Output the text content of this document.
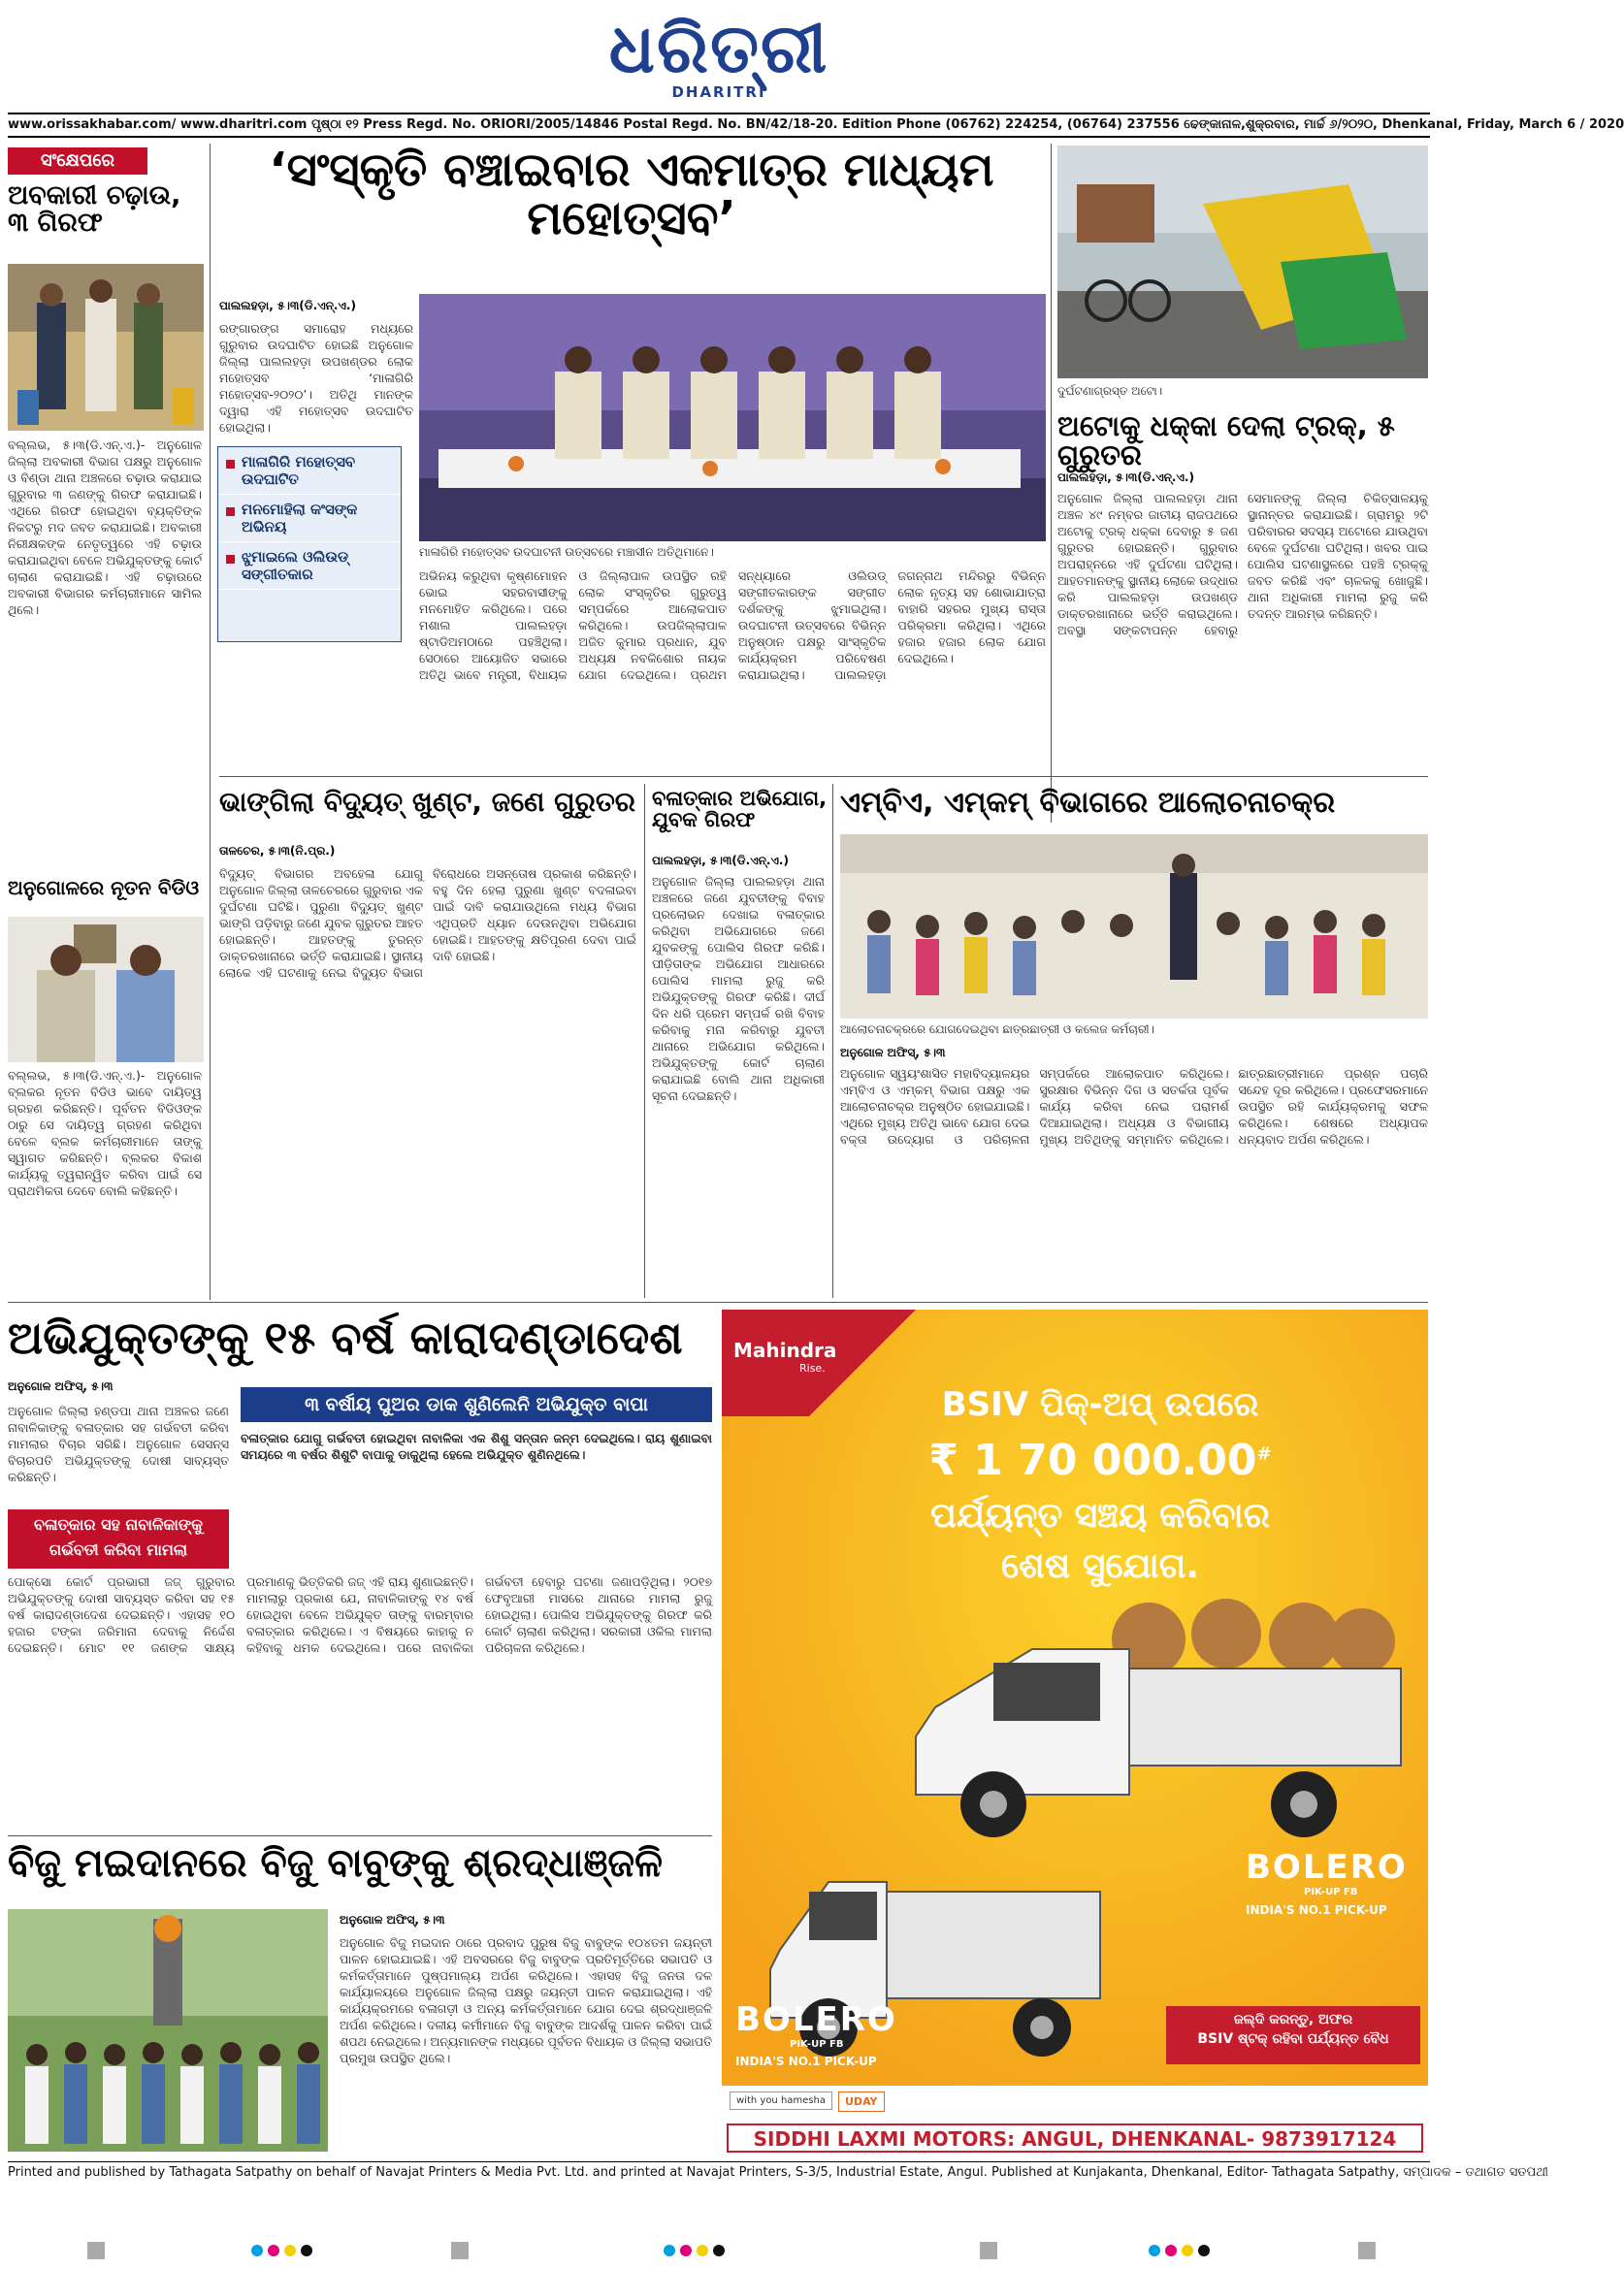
ଧରିତ୍ରୀ
DHARITRI
www.orissakhabar.com/ www.dharitri.com ପୃଷ୍ଠା ୧୨ Press Regd. No. ORIORI/2005/14846 Postal Regd. No. BN/42/18-20. Edition Phone (06762) 224254, (06764) 237556 ଢେଙ୍କାନାଳ,ଶୁକ୍ରବାର, ମାର୍ଚ୍ଚ ୬/୨୦୨୦, Dhenkanal, Friday, March 6 / 2020
ସଂକ୍ଷେପରେ
ଅବକାରୀ ଚଢ଼ାଉ, ୩ ଗିରଫ
ବଲ୍ଲଭ, ୫।୩(ଡି.ଏନ୍.ଏ.)- ଅନୁଗୋଳ ଜିଲ୍ଲା ଅବକାରୀ ବିଭାଗ ପକ୍ଷରୁ ଅନୁଗୋଳ ଓ ବିଣ୍ଡା ଥାନା ଅଞ୍ଚଳରେ ଚଢ଼ାଉ କରାଯାଇ ଗୁରୁବାର ୩ ଜଣଙ୍କୁ ଗିରଫ କରାଯାଇଛି। ଏଥିରେ ଗିରଫ ହୋଇଥିବା ବ୍ୟକ୍ତିଙ୍କ ନିକଟରୁ ମଦ ଜବତ କରାଯାଇଛି। ଅବକାରୀ ନିରୀକ୍ଷକଙ୍କ ନେତୃତ୍ୱରେ ଏହି ଚଢ଼ାଉ କରାଯାଇଥିବା ବେଳେ ଅଭିଯୁକ୍ତଙ୍କୁ କୋର୍ଟ ଚାଲାଣ କରାଯାଇଛି। ଏହି ଚଢ଼ାଉରେ ଅବକାରୀ ବିଭାଗର କର୍ମଚାରୀମାନେ ସାମିଲ ଥିଲେ।
ଅନୁଗୋଳରେ ନୂତନ ବିଡିଓ
ବଲ୍ଲଭ, ୫।୩(ଡି.ଏନ୍.ଏ.)- ଅନୁଗୋଳ ବ୍ଲକର ନୂତନ ବିଡିଓ ଭାବେ ଦାୟିତ୍ୱ ଗ୍ରହଣ କରିଛନ୍ତି। ପୂର୍ବତନ ବିଡିଓଙ୍କ ଠାରୁ ସେ ଦାୟିତ୍ୱ ଗ୍ରହଣ କରିଥିବା ବେଳେ ବ୍ଲକ କର୍ମଚାରୀମାନେ ତାଙ୍କୁ ସ୍ୱାଗତ କରିଛନ୍ତି। ବ୍ଲକର ବିକାଶ କାର୍ଯ୍ୟକୁ ତ୍ୱରାନ୍ୱିତ କରିବା ପାଇଁ ସେ ପ୍ରାଥମିକତା ଦେବେ ବୋଲି କହିଛନ୍ତି।
‘ସଂସ୍କୃତି ବଞ୍ଚାଇବାର ଏକମାତ୍ର ମାଧ୍ୟମ ମହୋତ୍ସବ’
ପାଲଲହଡ଼ା, ୫।୩(ଡି.ଏନ୍.ଏ.)
ରଙ୍ଗାରଙ୍ଗ ସମାରୋହ ମଧ୍ୟରେ ଗୁରୁବାର ଉଦଘାଟିତ ହୋଇଛି ଅନୁଗୋଳ ଜିଲ୍ଲା ପାଲଲହଡ଼ା ଉପଖଣ୍ଡର ଲୋକ ମହୋତ୍ସବ ‘ମାଳାଗିରି ମହୋତ୍ସବ-୨୦୨୦’। ଅତିଥି ମାନଙ୍କ ଦ୍ୱାରା ଏହି ମହୋତ୍ସବ ଉଦଘାଟିତ ହୋଇଥିଲା।
ମାଳାଗିରି ମହୋତ୍ସବ ଉଦଘାଟିତ
ମନମୋହିଲା କଂସଙ୍କ ଅଭିନୟ
ଝୁମାଇଲେ ଓଲିଉଡ୍‌ ସଙ୍ଗୀତକାର
ମାଳାଗିରି ମହୋତ୍ସବ ଉଦଘାଟନୀ ଉତ୍ସବରେ ମଞ୍ଚାସୀନ ଅତିଥିମାନେ।
ଅଭିନୟ କରୁଥିବା କୃଷ୍ଣମୋହନ ଭୋଇ ସହରବାସୀଙ୍କୁ ମନମୋହିତ କରିଥିଲେ। ପରେ ମଶାଲ ପାଲଲହଡ଼ା ଷ୍ଟାଡିଅମଠାରେ ପହଞ୍ଚିଥିଲା। ସେଠାରେ ଆୟୋଜିତ ସଭାରେ ଅତିଥି ଭାବେ ମନ୍ତ୍ରୀ, ବିଧାୟକ ଓ ଜିଲ୍ଲାପାଳ ଉପସ୍ଥିତ ରହି ଲୋକ ସଂସ୍କୃତିର ଗୁରୁତ୍ୱ ସମ୍ପର୍କରେ ଆଲୋକପାତ କରିଥିଲେ। ଉପଜିଲ୍ଲାପାଳ ଅଜିତ କୁମାର ପ୍ରଧାନ, ଯୁବ ଅଧ୍ୟକ୍ଷ ନବକିଶୋର ନାୟକ ଯୋଗ ଦେଇଥିଲେ। ପ୍ରଥମ ସନ୍ଧ୍ୟାରେ ଓଲିଉଡ୍ ସଙ୍ଗୀତକାରଙ୍କ ସଙ୍ଗୀତ ଦର୍ଶକଙ୍କୁ ଝୁମାଇଥିଲା। ଉଦଘାଟନୀ ଉତ୍ସବରେ ବିଭିନ୍ନ ଅନୁଷ୍ଠାନ ପକ୍ଷରୁ ସାଂସ୍କୃତିକ କାର୍ଯ୍ୟକ୍ରମ ପରିବେଷଣ କରାଯାଇଥିଲା। ପାଲଲହଡ଼ା ଜଗନ୍ନାଥ ମନ୍ଦିରରୁ ବିଭିନ୍ନ ଲୋକ ନୃତ୍ୟ ସହ ଶୋଭାଯାତ୍ରା ବାହାରି ସହରର ମୁଖ୍ୟ ରାସ୍ତା ପରିକ୍ରମା କରିଥିଲା। ଏଥିରେ ହଜାର ହଜାର ଲୋକ ଯୋଗ ଦେଇଥିଲେ।
ଦୁର୍ଘଟଣାଗ୍ରସ୍ତ ଅଟୋ।
ଅଟୋକୁ ଧକ୍କା ଦେଲା ଟ୍ରକ୍, ୫ ଗୁରୁତର
ପାଲଲହଡ଼ା, ୫।୩(ଡି.ଏନ୍.ଏ.)
ଅନୁଗୋଳ ଜିଲ୍ଲା ପାଲଲହଡ଼ା ଥାନା ଅଞ୍ଚଳ ୪୯ ନମ୍ବର ଜାତୀୟ ରାଜପଥରେ ଅଟୋକୁ ଟ୍ରକ୍ ଧକ୍କା ଦେବାରୁ ୫ ଜଣ ଗୁରୁତର ହୋଇଛନ୍ତି। ଗୁରୁବାର ଅପରାହ୍ନରେ ଏହି ଦୁର୍ଘଟଣା ଘଟିଥିଲା। ଆହତମାନଙ୍କୁ ସ୍ଥାନୀୟ ଲୋକେ ଉଦ୍ଧାର କରି ପାଲଲହଡ଼ା ଉପଖଣ୍ଡ ଡାକ୍ତରଖାନାରେ ଭର୍ତ୍ତି କରାଇଥିଲେ। ଅବସ୍ଥା ସଙ୍କଟାପନ୍ନ ହେବାରୁ ସେମାନଙ୍କୁ ଜିଲ୍ଲା ଚିକିତ୍ସାଳୟକୁ ସ୍ଥାନାନ୍ତର କରାଯାଇଛି। ଗ୍ରାମରୁ ୨ଟି ପରିବାରର ସଦସ୍ୟ ଅଟୋରେ ଯାଉଥିବା ବେଳେ ଦୁର୍ଘଟଣା ଘଟିଥିଲା। ଖବର ପାଇ ପୋଲିସ ଘଟଣାସ୍ଥଳରେ ପହଞ୍ଚି ଟ୍ରକ୍‌କୁ ଜବତ କରିଛି ଏବଂ ଚାଳକକୁ ଖୋଜୁଛି। ଥାନା ଅଧିକାରୀ ମାମଲା ରୁଜୁ କରି ତଦନ୍ତ ଆରମ୍ଭ କରିଛନ୍ତି।
ଭାଙ୍ଗିଲା ବିଦ୍ୟୁତ୍ ଖୁଣ୍ଟ, ଜଣେ ଗୁରୁତର
ତାଳଚେର, ୫।୩(ନି.ପ୍ର.)
ବିଦ୍ୟୁତ୍ ବିଭାଗର ଅବହେଳା ଯୋଗୁ ଅନୁଗୋଳ ଜିଲ୍ଲା ତାଳଚେରରେ ଗୁରୁବାର ଏକ ଦୁର୍ଘଟଣା ଘଟିଛି। ପୁରୁଣା ବିଦ୍ୟୁତ୍ ଖୁଣ୍ଟ ଭାଙ୍ଗି ପଡ଼ିବାରୁ ଜଣେ ଯୁବକ ଗୁରୁତର ଆହତ ହୋଇଛନ୍ତି। ଆହତଙ୍କୁ ତୁରନ୍ତ ଡାକ୍ତରଖାନାରେ ଭର୍ତ୍ତି କରାଯାଇଛି। ସ୍ଥାନୀୟ ଲୋକେ ଏହି ଘଟଣାକୁ ନେଇ ବିଦ୍ୟୁତ ବିଭାଗ ବିରୋଧରେ ଅସନ୍ତୋଷ ପ୍ରକାଶ କରିଛନ୍ତି। ବହୁ ଦିନ ହେଲା ପୁରୁଣା ଖୁଣ୍ଟ ବଦଳାଇବା ପାଇଁ ଦାବି କରାଯାଉଥିଲେ ମଧ୍ୟ ବିଭାଗ ଏଥିପ୍ରତି ଧ୍ୟାନ ଦେଉନଥିବା ଅଭିଯୋଗ ହୋଇଛି। ଆହତଙ୍କୁ କ୍ଷତିପୂରଣ ଦେବା ପାଇଁ ଦାବି ହୋଇଛି।
ବଳାତ୍କାର ଅଭିଯୋଗ, ଯୁବକ ଗିରଫ
ପାଲଲହଡ଼ା, ୫।୩(ଡି.ଏନ୍.ଏ.)
ଅନୁଗୋଳ ଜିଲ୍ଲା ପାଲଲହଡ଼ା ଥାନା ଅଞ୍ଚଳରେ ଜଣେ ଯୁବତୀଙ୍କୁ ବିବାହ ପ୍ରଲୋଭନ ଦେଖାଇ ବଳାତ୍କାର କରିଥିବା ଅଭିଯୋଗରେ ଜଣେ ଯୁବକଙ୍କୁ ପୋଲିସ ଗିରଫ କରିଛି। ପୀଡ଼ିତାଙ୍କ ଅଭିଯୋଗ ଆଧାରରେ ପୋଲିସ ମାମଲା ରୁଜୁ କରି ଅଭିଯୁକ୍ତଙ୍କୁ ଗିରଫ କରିଛି। ଦୀର୍ଘ ଦିନ ଧରି ପ୍ରେମ ସମ୍ପର୍କ ରଖି ବିବାହ କରିବାକୁ ମନା କରିବାରୁ ଯୁବତୀ ଥାନାରେ ଅଭିଯୋଗ କରିଥିଲେ। ଅଭିଯୁକ୍ତଙ୍କୁ କୋର୍ଟ ଚାଲାଣ କରାଯାଇଛି ବୋଲି ଥାନା ଅଧିକାରୀ ସୂଚନା ଦେଇଛନ୍ତି।
ଏମ୍‌ବିଏ, ଏମ୍‌କମ୍ ବିଭାଗରେ ଆଲୋଚନାଚକ୍ର
ଆଲୋଚନାଚକ୍ରରେ ଯୋଗଦେଇଥିବା ଛାତ୍ରଛାତ୍ରୀ ଓ କଲେଜ କର୍ମଚାରୀ।
ଅନୁଗୋଳ ଅଫିସ୍, ୫।୩
ଅନୁଗୋଳ ସ୍ୱୟଂଶାସିତ ମହାବିଦ୍ୟାଳୟର ଏମ୍‌ବିଏ ଓ ଏମ୍‌କମ୍ ବିଭାଗ ପକ୍ଷରୁ ଏକ ଆଲୋଚନାଚକ୍ର ଅନୁଷ୍ଠିତ ହୋଇଯାଇଛି। ଏଥିରେ ମୁଖ୍ୟ ଅତିଥି ଭାବେ ଯୋଗ ଦେଇ ବକ୍ତା ଉଦ୍ୟୋଗ ଓ ପରିଚାଳନା ସମ୍ପର୍କରେ ଆଲୋକପାତ କରିଥିଲେ। ସୁରକ୍ଷାର ବିଭିନ୍ନ ଦିଗ ଓ ସତର୍କତା ପୂର୍ବକ କାର୍ଯ୍ୟ କରିବା ନେଇ ପରାମର୍ଶ ଦିଆଯାଇଥିଲା। ଅଧ୍ୟକ୍ଷ ଓ ବିଭାଗୀୟ ମୁଖ୍ୟ ଅତିଥିଙ୍କୁ ସମ୍ମାନିତ କରିଥିଲେ। ଛାତ୍ରଛାତ୍ରୀମାନେ ପ୍ରଶ୍ନ ପଚାରି ସନ୍ଦେହ ଦୂର କରିଥିଲେ। ପ୍ରଫେସରମାନେ ଉପସ୍ଥିତ ରହି କାର୍ଯ୍ୟକ୍ରମକୁ ସଫଳ କରିଥିଲେ। ଶେଷରେ ଅଧ୍ୟାପକ ଧନ୍ୟବାଦ ଅର୍ପଣ କରିଥିଲେ।
ଅଭିଯୁକ୍ତଙ୍କୁ ୧୫ ବର୍ଷ କାରାଦଣ୍ଡାଦେଶ
ଅନୁଗୋଳ ଅଫିସ୍, ୫।୩
ଅନୁଗୋଳ ଜିଲ୍ଲା ହଣ୍ଡପା ଥାନା ଅଞ୍ଚଳର ଜଣେ ନାବାଳିକାଙ୍କୁ ବଳାତ୍କାର ସହ ଗର୍ଭବତୀ କରିବା ମାମଲାର ବିଚାର ସରିଛି। ଅନୁଗୋଳ ସେସନ୍ସ ବିଚାରପତି ଅଭିଯୁକ୍ତଙ୍କୁ ଦୋଷୀ ସାବ୍ୟସ୍ତ କରିଛନ୍ତି।
ବଳାତ୍କାର ସହ ନାବାଳିକାଙ୍କୁ ଗର୍ଭବତୀ କରିବା ମାମଲା
୩ ବର୍ଷୀୟ ପୁଅର ଡାକ ଶୁଣିଲେନି ଅଭିଯୁକ୍ତ ବାପା
ବଳାତ୍କାର ଯୋଗୁ ଗର୍ଭବତୀ ହୋଇଥିବା ନାବାଳିକା ଏକ ଶିଶୁ ସନ୍ତାନ ଜନ୍ମ ଦେଇଥିଲେ। ରାୟ ଶୁଣାଇବା ସମୟରେ ୩ ବର୍ଷର ଶିଶୁଟି ବାପାକୁ ଡାକୁଥିଲା ହେଲେ ଅଭିଯୁକ୍ତ ଶୁଣିନଥିଲେ।
ପୋକ୍ସୋ କୋର୍ଟ ପ୍ରଭାରୀ ଜଜ୍ ଗୁରୁବାର ଅଭିଯୁକ୍ତଙ୍କୁ ଦୋଷୀ ସାବ୍ୟସ୍ତ କରିବା ସହ ୧୫ ବର୍ଷ କାରାଦଣ୍ଡାଦେଶ ଦେଇଛନ୍ତି। ଏହାସହ ୧୦ ହଜାର ଟଙ୍କା ଜରିମାନା ଦେବାକୁ ନିର୍ଦ୍ଦେଶ ଦେଇଛନ୍ତି। ମୋଟ ୧୧ ଜଣଙ୍କ ସାକ୍ଷ୍ୟ ପ୍ରମାଣକୁ ଭିତ୍ତିକରି ଜଜ୍ ଏହି ରାୟ ଶୁଣାଇଛନ୍ତି। ମାମଲାରୁ ପ୍ରକାଶ ଯେ, ନାବାଳିକାଙ୍କୁ ୧୪ ବର୍ଷ ହୋଇଥିବା ବେଳେ ଅଭିଯୁକ୍ତ ତାଙ୍କୁ ବାରମ୍ବାର ବଳାତ୍କାର କରିଥିଲେ। ଏ ବିଷୟରେ କାହାକୁ ନ କହିବାକୁ ଧମକ ଦେଇଥିଲେ। ପରେ ନାବାଳିକା ଗର୍ଭବତୀ ହେବାରୁ ଘଟଣା ଜଣାପଡ଼ିଥିଲା। ୨୦୧୭ ଫେବୃଆରୀ ମାସରେ ଥାନାରେ ମାମଲା ରୁଜୁ ହୋଇଥିଲା। ପୋଲିସ ଅଭିଯୁକ୍ତଙ୍କୁ ଗିରଫ କରି କୋର୍ଟ ଚାଲାଣ କରିଥିଲା। ସରକାରୀ ଓକିଲ ମାମଲା ପରିଚାଳନା କରିଥିଲେ।
ବିଜୁ ମଇଦାନରେ ବିଜୁ ବାବୁଙ୍କୁ ଶ୍ରଦ୍ଧାଞ୍ଜଳି
ଅନୁଗୋଳ ଅଫିସ୍, ୫।୩
ଅନୁଗୋଳ ବିଜୁ ମଇଦାନ ଠାରେ ପ୍ରବାଦ ପୁରୁଷ ବିଜୁ ବାବୁଙ୍କ ୧୦୪ତମ ଜୟନ୍ତୀ ପାଳନ ହୋଇଯାଇଛି। ଏହି ଅବସରରେ ବିଜୁ ବାବୁଙ୍କ ପ୍ରତିମୂର୍ତ୍ତିରେ ସଭାପତି ଓ କର୍ମକର୍ତ୍ତାମାନେ ପୁଷ୍ପମାଲ୍ୟ ଅର୍ପଣ କରିଥିଲେ। ଏହାସହ ବିଜୁ ଜନତା ଦଳ କାର୍ଯ୍ୟାଳୟରେ ଅନୁଗୋଳ ଜିଲ୍ଲା ପକ୍ଷରୁ ଜୟନ୍ତୀ ପାଳନ କରାଯାଇଥିଲା। ଏହି କାର୍ଯ୍ୟକ୍ରମରେ ବଳାଗଡ଼ୀ ଓ ଅନ୍ୟ କର୍ମକର୍ତ୍ତାମାନେ ଯୋଗ ଦେଇ ଶ୍ରଦ୍ଧାଞ୍ଜଳି ଅର୍ପଣ କରିଥିଲେ। ଦଳୀୟ କର୍ମୀମାନେ ବିଜୁ ବାବୁଙ୍କ ଆଦର୍ଶକୁ ପାଳନ କରିବା ପାଇଁ ଶପଥ ନେଇଥିଲେ। ଅନ୍ୟମାନଙ୍କ ମଧ୍ୟରେ ପୂର୍ବତନ ବିଧାୟକ ଓ ଜିଲ୍ଲା ସଭାପତି ପ୍ରମୁଖ ଉପସ୍ଥିତ ଥିଲେ।
Mahindra
Rise.
BSIV ପିକ୍-ଅପ୍ ଉପରେ
₹ 1 70 000.00#
ପର୍ଯ୍ୟନ୍ତ ସଞ୍ଚୟ କରିବାର
ଶେଷ ସୁଯୋଗ.
BOLERO
PIK-UP FB
INDIA'S NO.1 PICK-UP
BOLERO
PIK-UP FB
INDIA'S NO.1 PICK-UP
ଜଲ୍‌ଦି କରନ୍ତୁ, ଅଫର
BSIV ଷ୍ଟକ୍ ରହିବା ପର୍ଯ୍ୟନ୍ତ ବୈଧ
with you hamesha	UDAY
SIDDHI LAXMI MOTORS: ANGUL, DHENKANAL- 9873917124
Printed and published by Tathagata Satpathy on behalf of Navajat Printers & Media Pvt. Ltd. and printed at Navajat Printers, S-3/5, Industrial Estate, Angul. Published at Kunjakanta, Dhenkanal, Editor- Tathagata Satpathy, ସମ୍ପାଦକ – ତଥାଗତ ସତପଥୀ
